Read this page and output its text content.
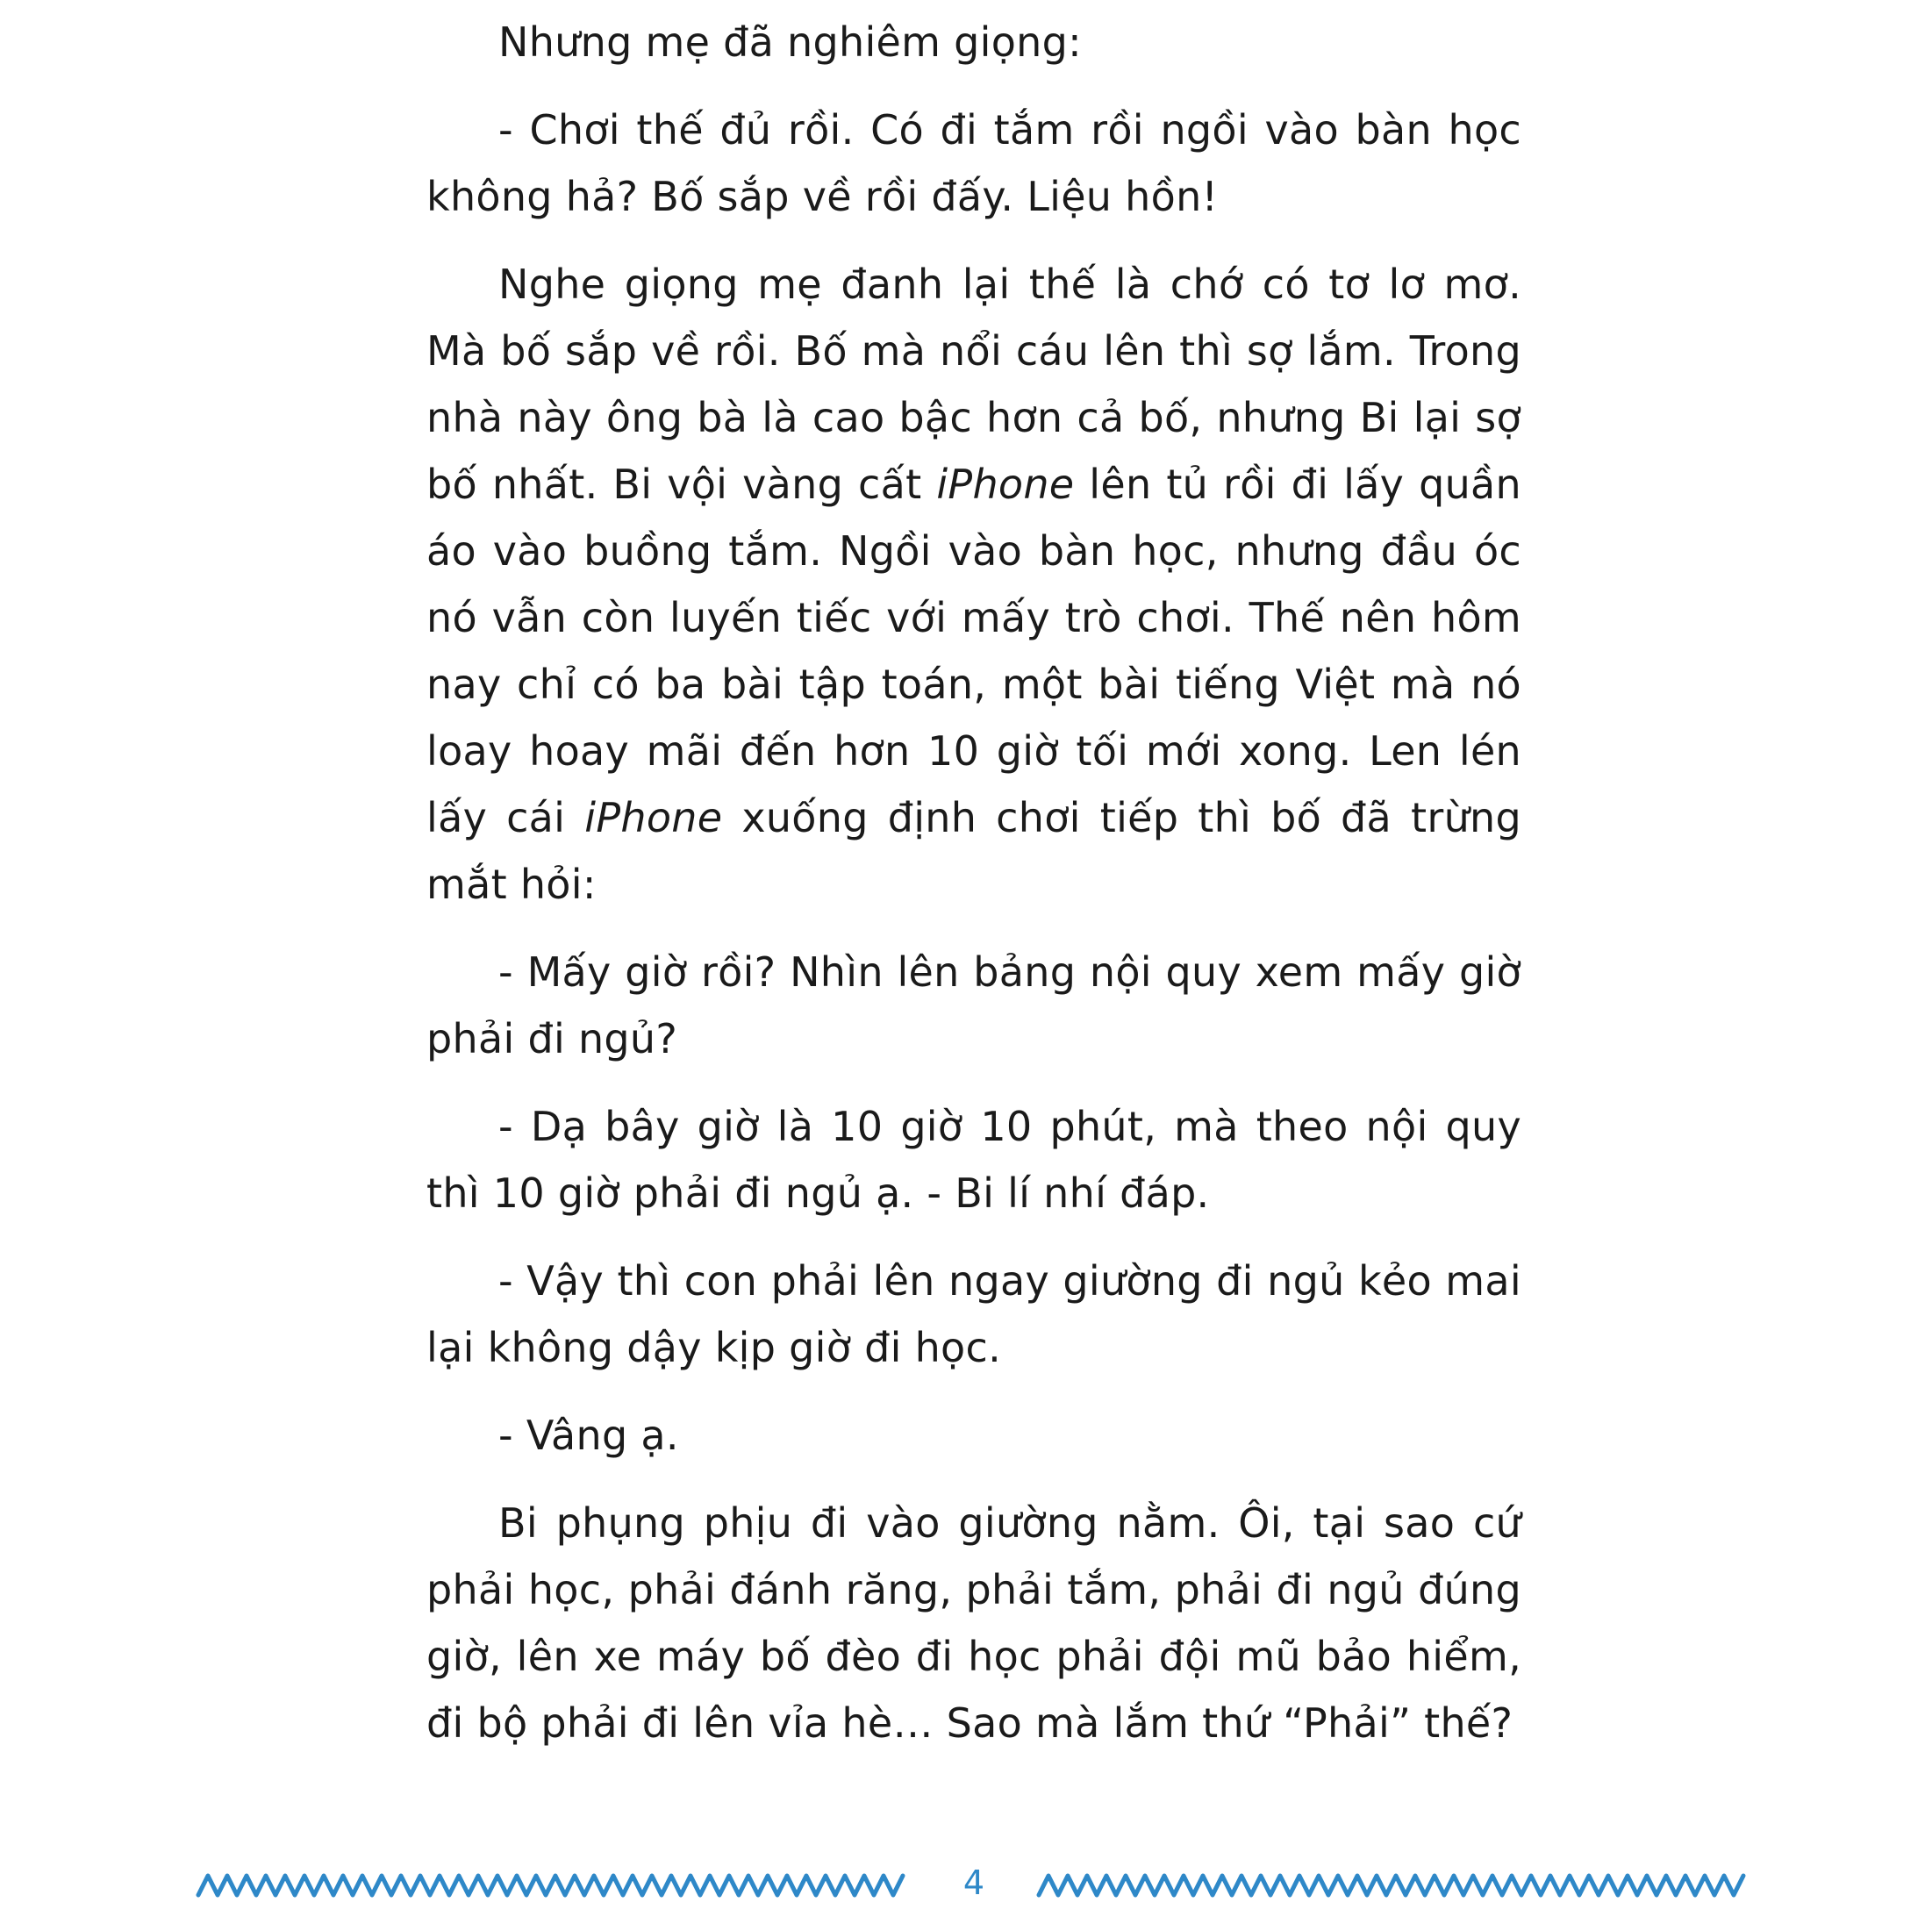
Nhưng mẹ đã nghiêm giọng:

- Chơi thế đủ rồi. Có đi tắm rồi ngồi vào bàn học không hả? Bố sắp về rồi đấy. Liệu hồn!

Nghe giọng mẹ đanh lại thế là chớ có tơ lơ mơ. Mà bố sắp về rồi. Bố mà nổi cáu lên thì sợ lắm. Trong nhà này ông bà là cao bậc hơn cả bố, nhưng Bi lại sợ bố nhất. Bi vội vàng cất iPhone lên tủ rồi đi lấy quần áo vào buồng tắm. Ngồi vào bàn học, nhưng đầu óc nó vẫn còn luyến tiếc với mấy trò chơi. Thế nên hôm nay chỉ có ba bài tập toán, một bài tiếng Việt mà nó loay hoay mãi đến hơn 10 giờ tối mới xong. Len lén lấy cái iPhone xuống định chơi tiếp thì bố đã trừng mắt hỏi:

- Mấy giờ rồi? Nhìn lên bảng nội quy xem mấy giờ phải đi ngủ?

- Dạ bây giờ là 10 giờ 10 phút, mà theo nội quy thì 10 giờ phải đi ngủ ạ. - Bi lí nhí đáp.

- Vậy thì con phải lên ngay giường đi ngủ kẻo mai lại không dậy kịp giờ đi học.

- Vâng ạ.

Bi phụng phịu đi vào giường nằm. Ôi, tại sao cứ phải học, phải đánh răng, phải tắm, phải đi ngủ đúng giờ, lên xe máy bố đèo đi học phải đội mũ bảo hiểm, đi bộ phải đi lên vỉa hè… Sao mà lắm thứ “Phải” thế?

4
